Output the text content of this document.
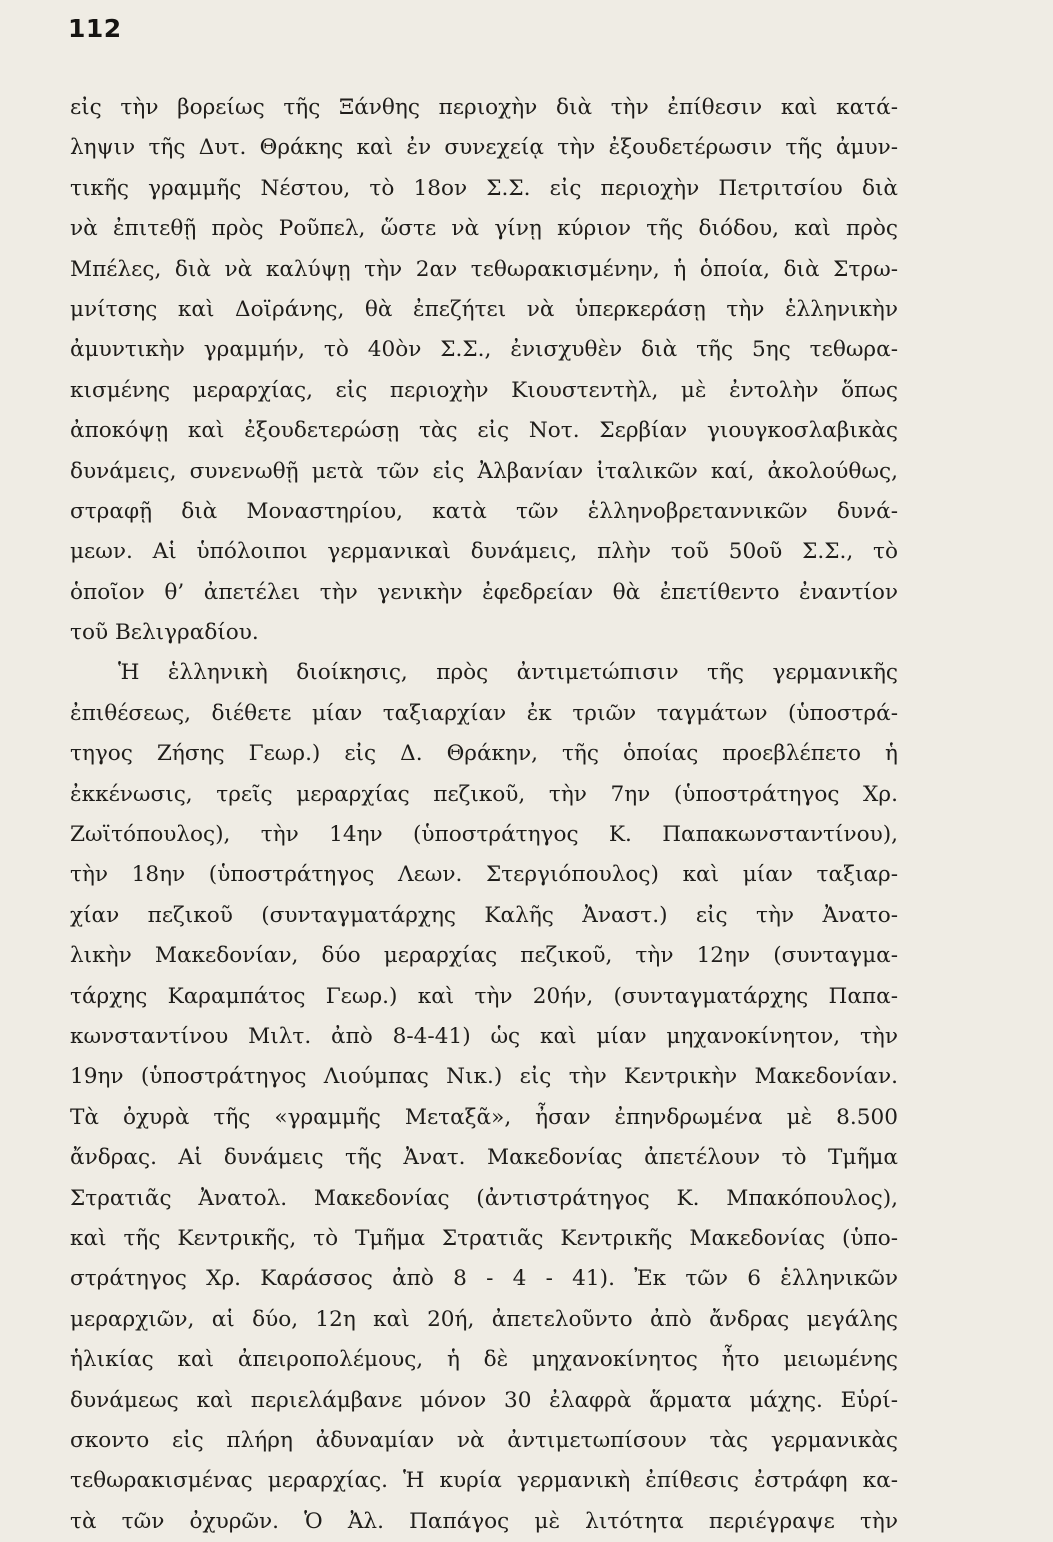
112
εἰς τὴν βορείως τῆς Ξάνθης περιοχὴν διὰ τὴν ἐπίθεσιν καὶ κατά-
ληψιν τῆς Δυτ. Θράκης καὶ ἐν συνεχείᾳ τὴν ἐξουδετέρωσιν τῆς ἀμυν-
τικῆς γραμμῆς Νέστου, τὸ 18ον Σ.Σ. εἰς περιοχὴν Πετριτσίου διὰ
νὰ ἐπιτεθῇ πρὸς Ροῦπελ, ὥστε νὰ γίνῃ κύριον τῆς διόδου, καὶ πρὸς
Μπέλες, διὰ νὰ καλύψῃ τὴν 2αν τεθωρακισμένην, ἡ ὁποία, διὰ Στρω-
μνίτσης καὶ Δοϊράνης, θὰ ἐπεζήτει νὰ ὑπερκεράσῃ τὴν ἑλληνικὴν
ἀμυντικὴν γραμμήν, τὸ 40ὸν Σ.Σ., ἐνισχυθὲν διὰ τῆς 5ης τεθωρα-
κισμένης μεραρχίας, εἰς περιοχὴν Κιουστεντὴλ, μὲ ἐντολὴν ὅπως
ἀποκόψῃ καὶ ἐξουδετερώσῃ τὰς εἰς Νοτ. Σερβίαν γιουγκοσλαβικὰς
δυνάμεις, συνενωθῇ μετὰ τῶν εἰς Ἀλβανίαν ἰταλικῶν καί, ἀκολούθως,
στραφῇ διὰ Μοναστηρίου, κατὰ τῶν ἑλληνοβρεταννικῶν δυνά-
μεων. Αἱ ὑπόλοιποι γερμανικαὶ δυνάμεις, πλὴν τοῦ 50οῦ Σ.Σ., τὸ
ὁποῖον θ’ ἀπετέλει τὴν γενικὴν ἐφεδρείαν θὰ ἐπετίθεντο ἐναντίον
τοῦ Βελιγραδίου.
Ἡ ἑλληνικὴ διοίκησις, πρὸς ἀντιμετώπισιν τῆς γερμανικῆς
ἐπιθέσεως, διέθετε μίαν ταξιαρχίαν ἐκ τριῶν ταγμάτων (ὑποστρά-
τηγος Ζήσης Γεωρ.) εἰς Δ. Θράκην, τῆς ὁποίας προεβλέπετο ἡ
ἐκκένωσις, τρεῖς μεραρχίας πεζικοῦ, τὴν 7ην (ὑποστράτηγος Χρ.
Ζωϊτόπουλος), τὴν 14ην (ὑποστράτηγος Κ. Παπακωνσταντίνου),
τὴν 18ην (ὑποστράτηγος Λεων. Στεργιόπουλος) καὶ μίαν ταξιαρ-
χίαν πεζικοῦ (συνταγματάρχης Καλῆς Ἀναστ.) εἰς τὴν Ἀνατο-
λικὴν Μακεδονίαν, δύο μεραρχίας πεζικοῦ, τὴν 12ην (συνταγμα-
τάρχης Καραμπάτος Γεωρ.) καὶ τὴν 20ήν, (συνταγματάρχης Παπα-
κωνσταντίνου Μιλτ. ἀπὸ 8-4-41) ὡς καὶ μίαν μηχανοκίνητον, τὴν
19ην (ὑποστράτηγος Λιούμπας Νικ.) εἰς τὴν Κεντρικὴν Μακεδονίαν.
Τὰ ὀχυρὰ τῆς «γραμμῆς Μεταξᾶ», ἦσαν ἐπηνδρωμένα μὲ 8.500
ἄνδρας. Αἱ δυνάμεις τῆς Ἀνατ. Μακεδονίας ἀπετέλουν τὸ Τμῆμα
Στρατιᾶς Ἀνατολ. Μακεδονίας (ἀντιστράτηγος Κ. Μπακόπουλος),
καὶ τῆς Κεντρικῆς, τὸ Τμῆμα Στρατιᾶς Κεντρικῆς Μακεδονίας (ὑπο-
στράτηγος Χρ. Καράσσος ἀπὸ 8 - 4 - 41). Ἐκ τῶν 6 ἑλληνικῶν
μεραρχιῶν, αἱ δύο, 12η καὶ 20ή, ἀπετελοῦντο ἀπὸ ἄνδρας μεγάλης
ἡλικίας καὶ ἀπειροπολέμους, ἡ δὲ μηχανοκίνητος ἦτο μειωμένης
δυνάμεως καὶ περιελάμβανε μόνον 30 ἐλαφρὰ ἅρματα μάχης. Εὑρί-
σκοντο εἰς πλήρη ἀδυναμίαν νὰ ἀντιμετωπίσουν τὰς γερμανικὰς
τεθωρακισμένας μεραρχίας. Ἡ κυρία γερμανικὴ ἐπίθεσις ἐστράφη κα-
τὰ τῶν ὀχυρῶν. Ὁ Ἀλ. Παπάγος μὲ λιτότητα περιέγραψε τὴν
